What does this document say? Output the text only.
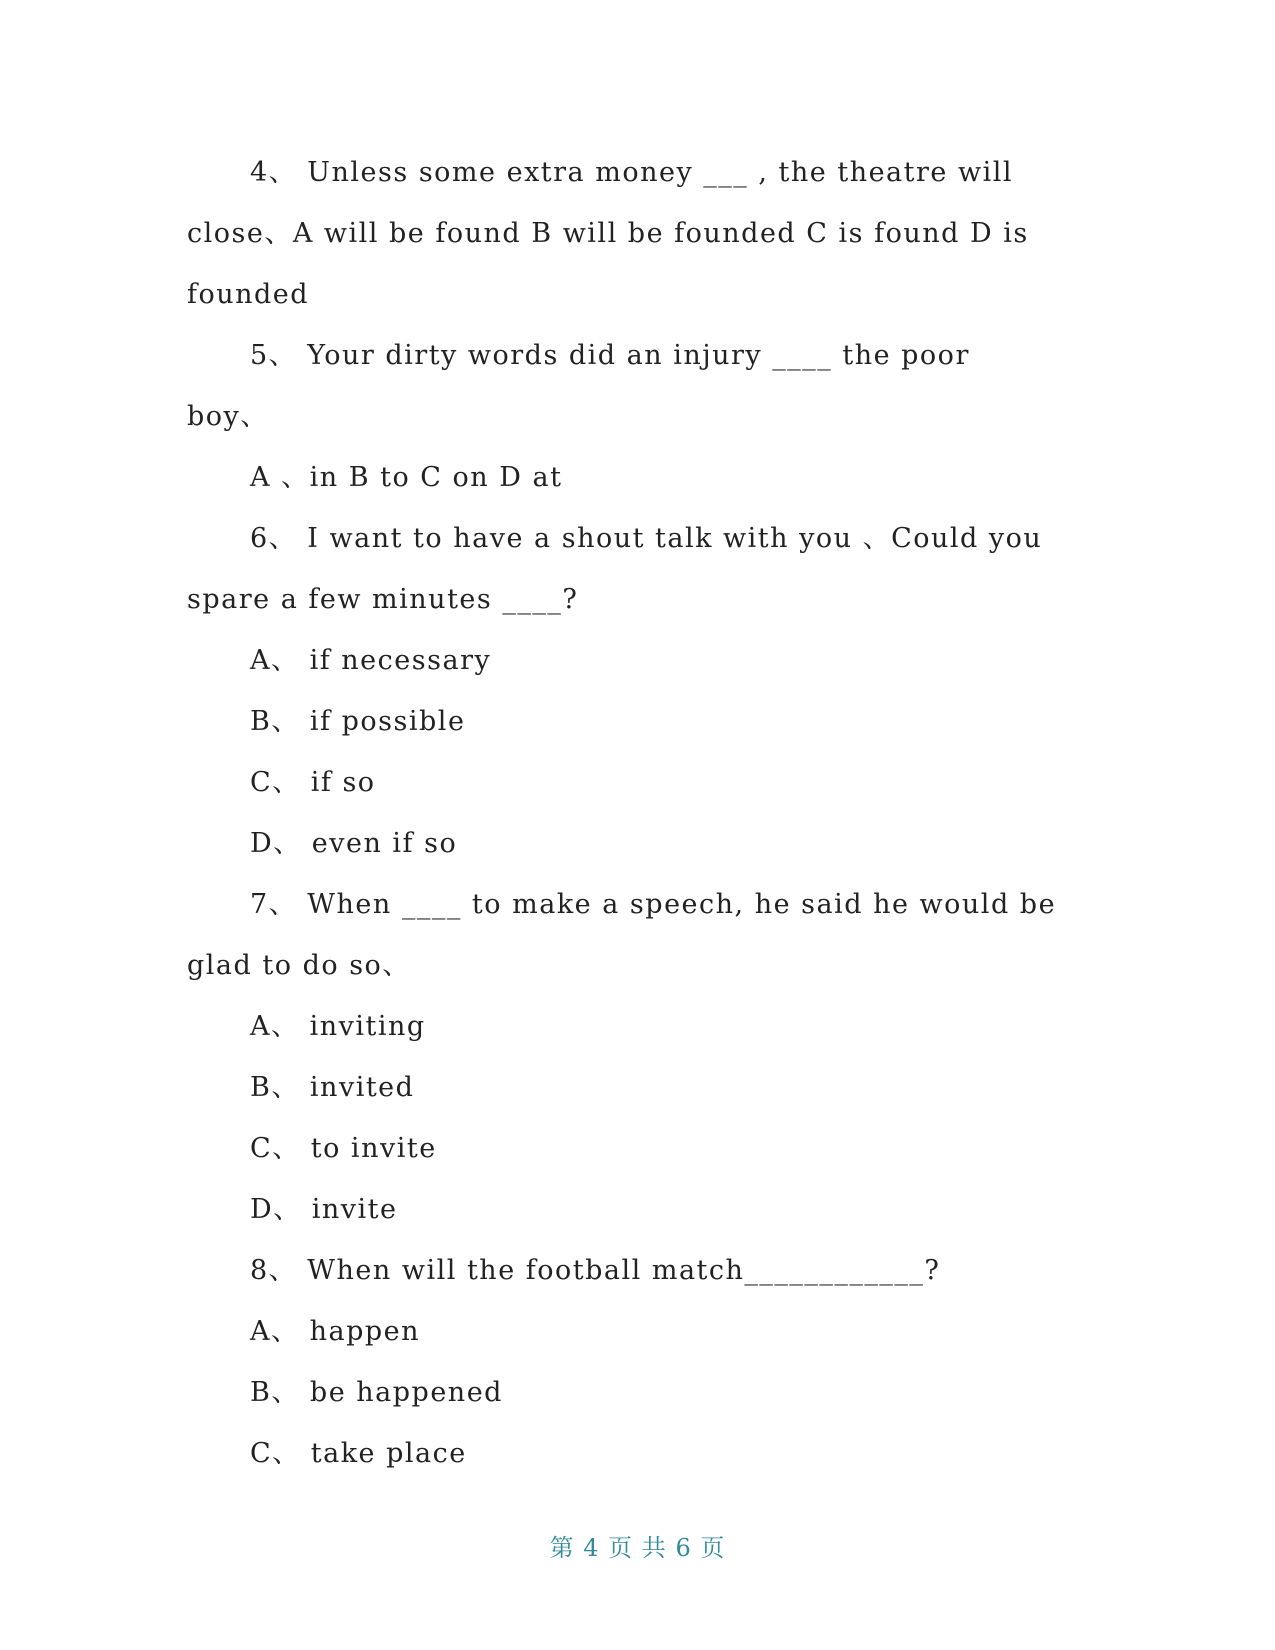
4、 Unless some extra money ___ , the theatre will
close、A will be found B will be founded C is found D is
founded
5、 Your dirty words did an injury ____ the poor
boy、
A 、in B to C on D at
6、 I want to have a shout talk with you 、Could you
spare a few minutes ____?
A、 if necessary
B、 if possible
C、 if so
D、 even if so
7、 When ____ to make a speech, he said he would be
glad to do so、
A、 inviting
B、 invited
C、 to invite
D、 invite
8、 When will the football match____________?
A、 happen
B、 be happened
C、 take place
第 4 页 共 6 页
